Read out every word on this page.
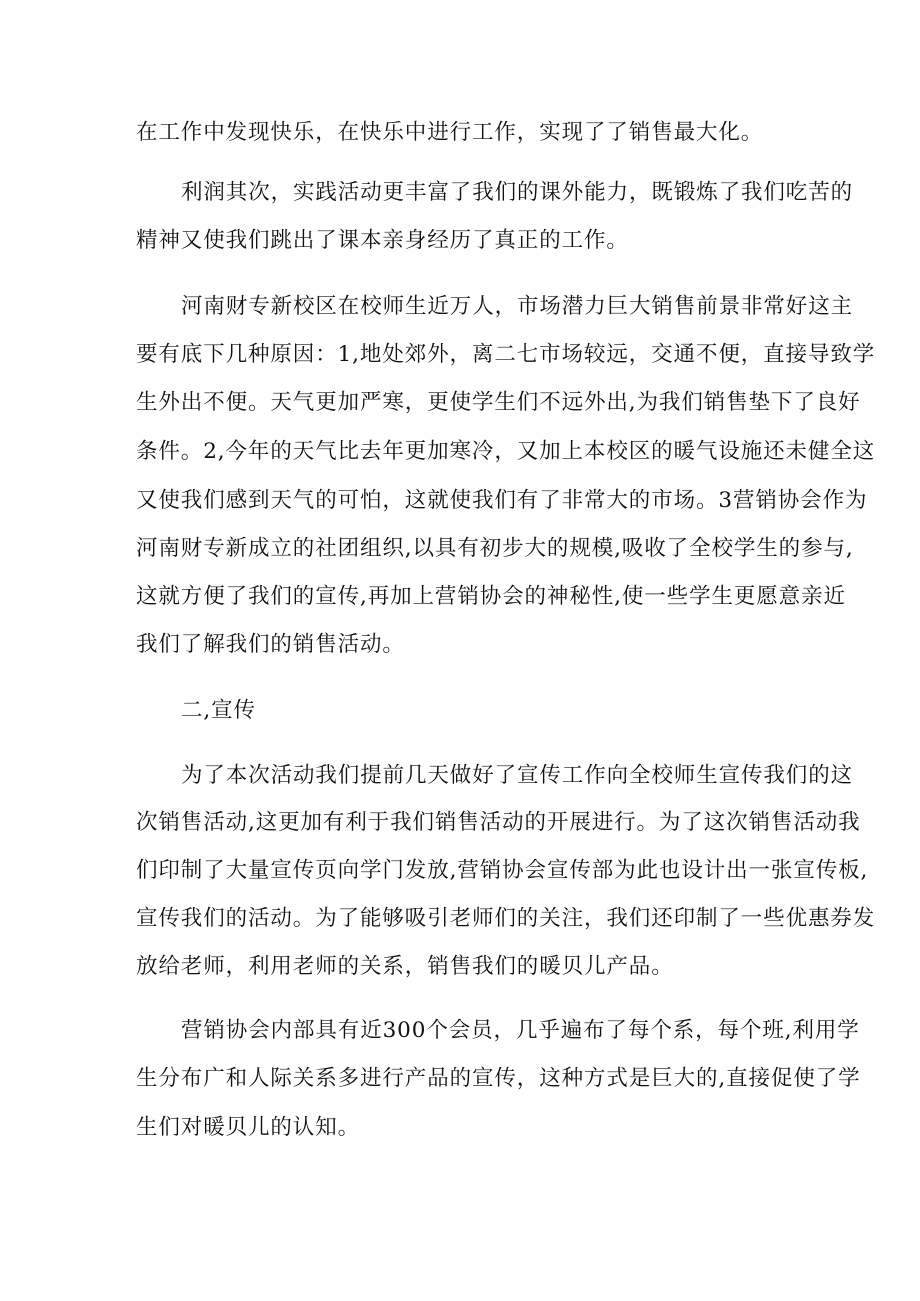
在工作中发现快乐，在快乐中进行工作，实现了了销售最大化。
利润其次，实践活动更丰富了我们的课外能力，既锻炼了我们吃苦的
精神又使我们跳出了课本亲身经历了真正的工作。
河南财专新校区在校师生近万人，市场潜力巨大销售前景非常好这主
要有底下几种原因：1,地处郊外，离二七市场较远，交通不便，直接导致学
生外出不便。天气更加严寒，更使学生们不远外出,为我们销售垫下了良好
条件。2,今年的天气比去年更加寒冷，又加上本校区的暖气设施还未健全这
又使我们感到天气的可怕，这就使我们有了非常大的市场。3营销协会作为
河南财专新成立的社团组织,以具有初步大的规模,吸收了全校学生的参与,
这就方便了我们的宣传,再加上营销协会的神秘性,使一些学生更愿意亲近
我们了解我们的销售活动。
二,宣传
为了本次活动我们提前几天做好了宣传工作向全校师生宣传我们的这
次销售活动,这更加有利于我们销售活动的开展进行。为了这次销售活动我
们印制了大量宣传页向学门发放,营销协会宣传部为此也设计出一张宣传板,
宣传我们的活动。为了能够吸引老师们的关注，我们还印制了一些优惠券发
放给老师，利用老师的关系，销售我们的暖贝儿产品。
营销协会内部具有近300个会员，几乎遍布了每个系，每个班,利用学
生分布广和人际关系多进行产品的宣传，这种方式是巨大的,直接促使了学
生们对暖贝儿的认知。
